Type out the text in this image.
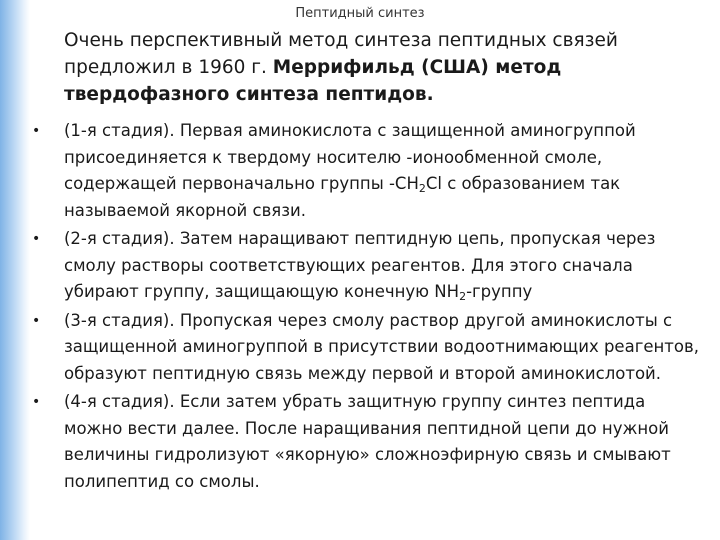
Пептидный синтез
Очень перспективный метод синтеза пептидных связей предложил в 1960 г. Меррифильд (США) метод твердофазного синтеза пептидов.
• (1-я стадия). Первая аминокислота с защищенной аминогруппой присоединяется к твердому носителю -ионообменной смоле, содержащей первоначально группы $-CH_2Cl$ с образованием так называемой якорной связи.
• (2-я стадия). Затем наращивают пептидную цепь, пропуская через смолу растворы соответствующих реагентов. Для этого сначала убирают группу, защищающую конечную $NH_2$-группу
• (3-я стадия). Пропуская через смолу раствор другой аминокислоты с защищенной аминогруппой в присутствии водоотнимающих реагентов, образуют пептидную связь между первой и второй аминокислотой.
• (4-я стадия). Если затем убрать защитную группу синтез пептида можно вести далее. После наращивания пептидной цепи до нужной величины гидролизуют «якорную» сложноэфирную связь и смывают полипептид со смолы.
